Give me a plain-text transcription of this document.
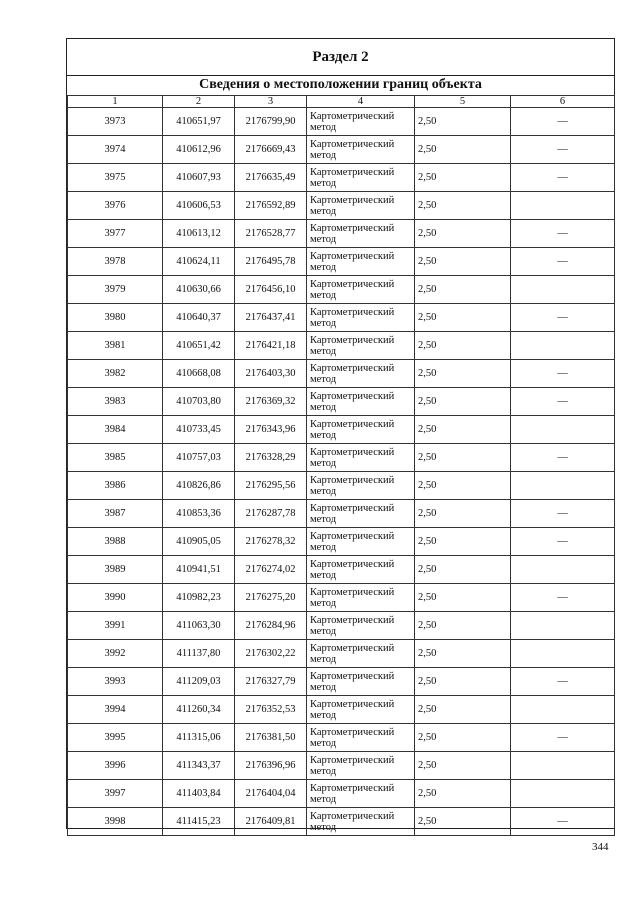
Раздел 2
Сведения о местоположении границ объекта
1	2	3	4	5	6
3973	410651,97	2176799,90	Картометрический метод	2,50	—
3974	410612,96	2176669,43	Картометрический метод	2,50	—
3975	410607,93	2176635,49	Картометрический метод	2,50	—
3976	410606,53	2176592,89	Картометрический метод	2,50	
3977	410613,12	2176528,77	Картометрический метод	2,50	—
3978	410624,11	2176495,78	Картометрический метод	2,50	—
3979	410630,66	2176456,10	Картометрический метод	2,50	
3980	410640,37	2176437,41	Картометрический метод	2,50	—
3981	410651,42	2176421,18	Картометрический метод	2,50	
3982	410668,08	2176403,30	Картометрический метод	2,50	—
3983	410703,80	2176369,32	Картометрический метод	2,50	—
3984	410733,45	2176343,96	Картометрический метод	2,50	
3985	410757,03	2176328,29	Картометрический метод	2,50	—
3986	410826,86	2176295,56	Картометрический метод	2,50	
3987	410853,36	2176287,78	Картометрический метод	2,50	—
3988	410905,05	2176278,32	Картометрический метод	2,50	—
3989	410941,51	2176274,02	Картометрический метод	2,50	
3990	410982,23	2176275,20	Картометрический метод	2,50	—
3991	411063,30	2176284,96	Картометрический метод	2,50	
3992	411137,80	2176302,22	Картометрический метод	2,50	
3993	411209,03	2176327,79	Картометрический метод	2,50	—
3994	411260,34	2176352,53	Картометрический метод	2,50	
3995	411315,06	2176381,50	Картометрический метод	2,50	—
3996	411343,37	2176396,96	Картометрический метод	2,50	
3997	411403,84	2176404,04	Картометрический метод	2,50	
3998	411415,23	2176409,81	Картометрический метод	2,50	—
344
